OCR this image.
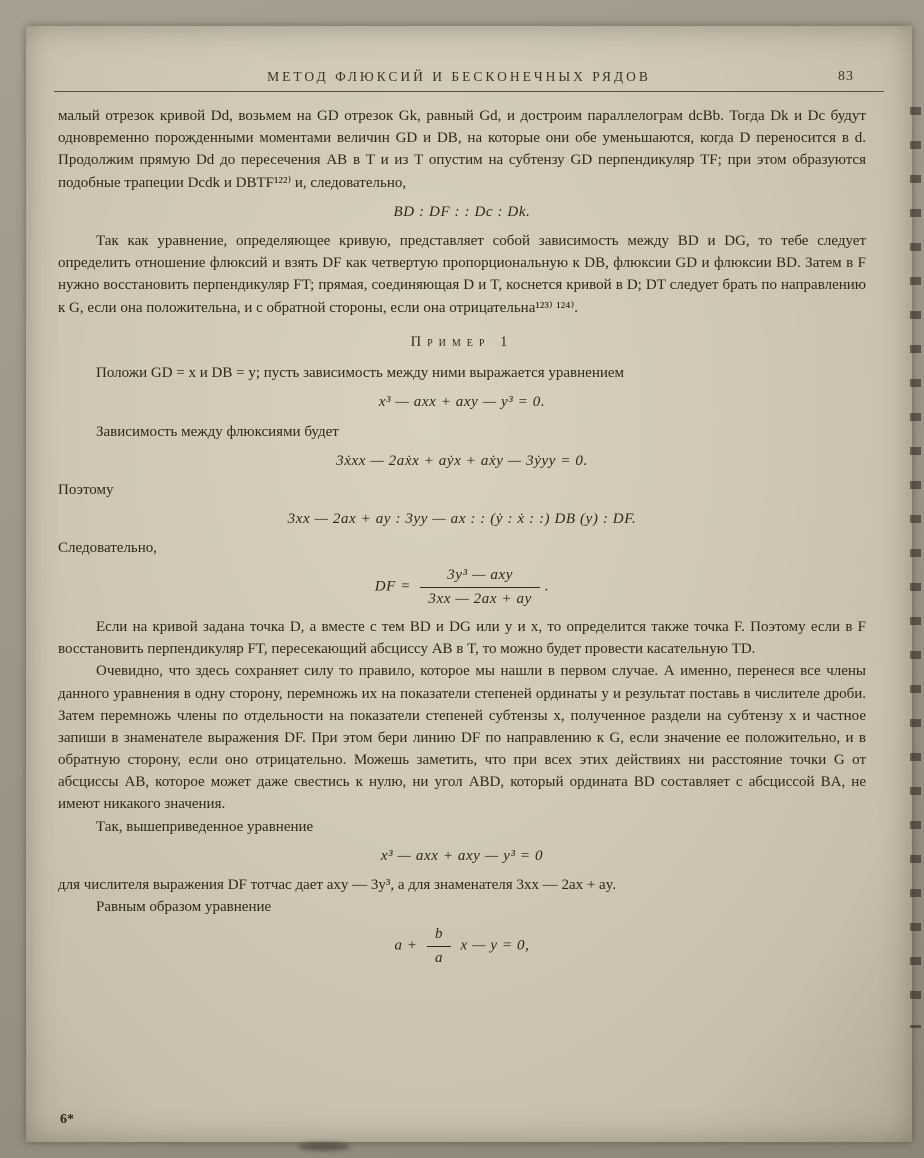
МЕТОД ФЛЮКСИЙ И БЕСКОНЕЧНЫХ РЯДОВ	83

малый отрезок кривой Dd, возьмем на GD отрезок Gk, равный Gd, и достроим параллелограм dcBb. Тогда Dk и Dc будут одновременно порожденными моментами величин GD и DB, на которые они обе уменьшаются, когда D переносится в d. Продолжим прямую Dd до пересечения AB в T и из T опустим на субтензу GD перпендикуляр TF; при этом образуются подобные трапеции Dcdk и DBTF¹²²⁾ и, следовательно,

BD : DF : : Dc : Dk.

Так как уравнение, определяющее кривую, представляет собой зависимость между BD и DG, то тебе следует определить отношение флюксий и взять DF как четвертую пропорциональную к DB, флюксии GD и флюксии BD. Затем в F нужно восстановить перпендикуляр FT; прямая, соединяющая D и T, коснется кривой в D; DT следует брать по направлению к G, если она положительна, и с обратной стороны, если она отрицательна¹²³⁾ ¹²⁴⁾.

Пример 1

Положи GD = x и DB = y; пусть зависимость между ними выражается уравнением

x³ — axx + axy — y³ = 0.

Зависимость между флюксиями будет

3ẋxx — 2aẋx + aẏx + aẋy — 3ẏyy = 0.

Поэтому

3xx — 2ax + ay : 3yy — ax : : (ẏ : ẋ : :) DB (y) : DF.

Следовательно,

DF = $\frac{\text{3y³ — axy}}{3xx — 2ax + ay}$ .

Если на кривой задана точка D, а вместе с тем BD и DG или y и x, то определится также точка F. Поэтому если в F восстановить перпендикуляр FT, пересекающий абсциссу AB в T, то можно будет провести касательную TD.

Очевидно, что здесь сохраняет силу то правило, которое мы нашли в первом случае. А именно, перенеся все члены данного уравнения в одну сторону, перемножь их на показатели степеней ординаты y и результат поставь в числителе дроби. Затем перемножь члены по отдельности на показатели степеней субтензы x, полученное раздели на субтензу x и частное запиши в знаменателе выражения DF. При этом бери линию DF по направлению к G, если значение ее положительно, и в обратную сторону, если оно отрицательно. Можешь заметить, что при всех этих действиях ни расстояние точки G от абсциссы AB, которое может даже свестись к нулю, ни угол ABD, который ордината BD составляет с абсциссой BA, не имеют никакого значения.

Так, вышеприведенное уравнение

x³ — axx + axy — y³ = 0

для числителя выражения DF тотчас дает axy — 3y³, а для знаменателя 3xx — 2ax + ay.

Равным образом уравнение

$a + \frac{b}{a}$ x — y = 0,
6*
